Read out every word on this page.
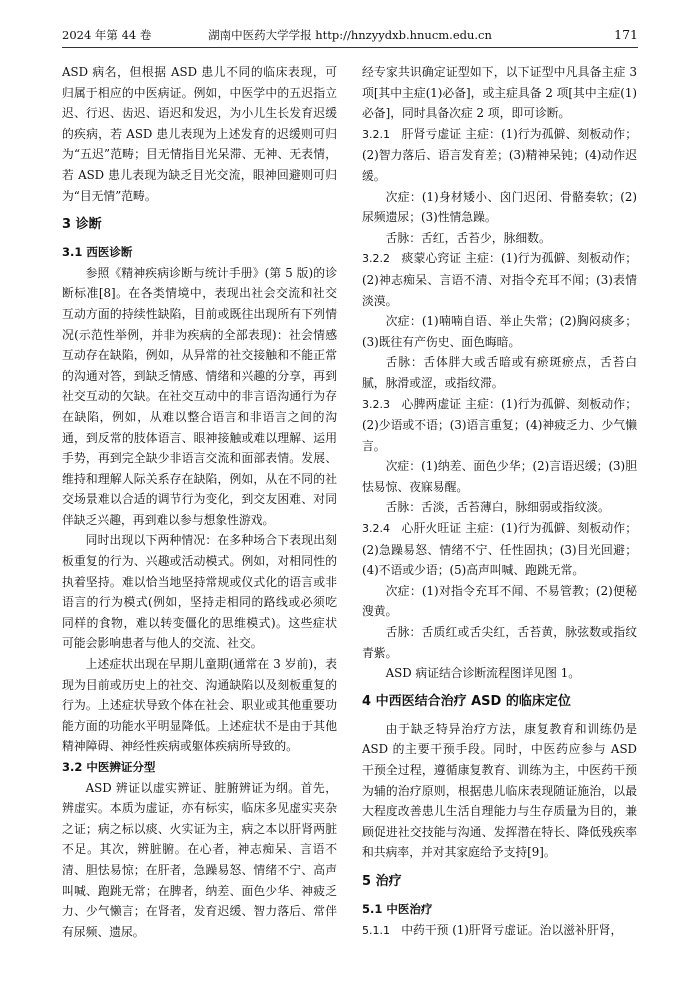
2024 年第 44 卷	湖南中医药大学学报 http://hnzyydxb.hnucm.edu.cn	171

ASD 病名，但根据 ASD 患儿不同的临床表现，可归属于相应的中医病证。例如，中医学中的五迟指立迟、行迟、齿迟、语迟和发迟，为小儿生长发育迟缓的疾病，若 ASD 患儿表现为上述发育的迟缓则可归为“五迟”范畴；目无情指目光呆滞、无神、无表情，若 ASD 患儿表现为缺乏目光交流，眼神回避则可归为“目无情”范畴。

3 诊断

3.1 西医诊断

参照《精神疾病诊断与统计手册》(第 5 版)的诊断标准[8]。在各类情境中，表现出社会交流和社交互动方面的持续性缺陷，目前或既往出现所有下列情况(示范性举例，并非为疾病的全部表现)：社会情感互动存在缺陷，例如，从异常的社交接触和不能正常的沟通对答，到缺乏情感、情绪和兴趣的分享，再到社交互动的欠缺。在社交互动中的非言语沟通行为存在缺陷，例如，从难以整合语言和非语言之间的沟通，到反常的肢体语言、眼神接触或难以理解、运用手势，再到完全缺少非语言交流和面部表情。发展、维持和理解人际关系存在缺陷，例如，从在不同的社交场景难以合适的调节行为变化，到交友困难、对同伴缺乏兴趣，再到难以参与想象性游戏。

同时出现以下两种情况：在多种场合下表现出刻板重复的行为、兴趣或活动模式。例如，对相同性的执着坚持。难以恰当地坚持常规或仪式化的语言或非语言的行为模式(例如，坚持走相同的路线或必须吃同样的食物，难以转变僵化的思维模式)。这些症状可能会影响患者与他人的交流、社交。

上述症状出现在早期儿童期(通常在 3 岁前)，表现为目前或历史上的社交、沟通缺陷以及刻板重复的行为。上述症状导致个体在社会、职业或其他重要功能方面的功能水平明显降低。上述症状不是由于其他精神障碍、神经性疾病或躯体疾病所导致的。

3.2 中医辨证分型

ASD 辨证以虚实辨证、脏腑辨证为纲。首先，辨虚实。本质为虚证，亦有标实，临床多见虚实夹杂之证；病之标以痰、火实证为主，病之本以肝肾两脏不足。其次，辨脏腑。在心者，神志痴呆、言语不清、胆怯易惊；在肝者，急躁易怒、情绪不宁、高声叫喊、跑跳无常；在脾者，纳差、面色少华、神疲乏力、少气懒言；在肾者，发育迟缓、智力落后、常伴有尿频、遗尿。

经专家共识确定证型如下，以下证型中凡具备主症 3 项[其中主症(1)必备]，或主症具备 2 项[其中主症(1)必备]，同时具备次症 2 项，即可诊断。

3.2.1 肝肾亏虚证 主症：(1)行为孤僻、刻板动作；(2)智力落后、语言发育差；(3)精神呆钝；(4)动作迟缓。

次症：(1)身材矮小、囟门迟闭、骨骼奏软；(2)尿频遗尿；(3)性情急躁。

舌脉：舌红，舌苔少，脉细数。

3.2.2 痰蒙心窍证 主症：(1)行为孤僻、刻板动作；(2)神志痴呆、言语不清、对指令充耳不闻；(3)表情淡漠。

次症：(1)喃喃自语、举止失常；(2)胸闷痰多；(3)既往有产伤史、面色晦暗。

舌脉：舌体胖大或舌暗或有瘀斑瘀点，舌苔白腻，脉滑或涩，或指纹滞。

3.2.3 心脾两虚证 主症：(1)行为孤僻、刻板动作；(2)少语或不语；(3)语言重复；(4)神疲乏力、少气懒言。

次症：(1)纳差、面色少华；(2)言语迟缓；(3)胆怯易惊、夜寐易醒。

舌脉：舌淡，舌苔薄白，脉细弱或指纹淡。

3.2.4 心肝火旺证 主症：(1)行为孤僻、刻板动作；(2)急躁易怒、情绪不宁、任性固执；(3)目光回避；(4)不语或少语；(5)高声叫喊、跑跳无常。

次症：(1)对指令充耳不闻、不易管教；(2)便秘溲黄。

舌脉：舌质红或舌尖红，舌苔黄，脉弦数或指纹青紫。

ASD 病证结合诊断流程图详见图 1。

4 中西医结合治疗 ASD 的临床定位

由于缺乏特异治疗方法，康复教育和训练仍是 ASD 的主要干预手段。同时，中医药应参与 ASD 干预全过程，遵循康复教育、训练为主，中医药干预为辅的治疗原则，根据患儿临床表现随证施治，以最大程度改善患儿生活自理能力与生存质量为目的，兼顾促进社交技能与沟通、发挥潜在特长、降低残疾率和共病率，并对其家庭给予支持[9]。

5 治疗

5.1 中医治疗

5.1.1 中药干预 (1)肝肾亏虚证。治以滋补肝肾，
